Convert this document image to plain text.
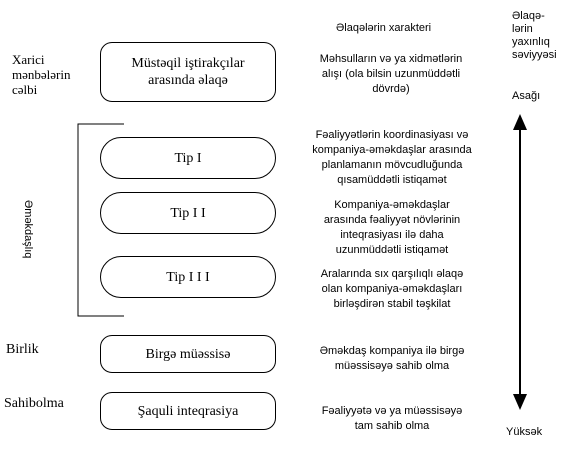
Xarici
mənbələrin
cəlbi
Əməkdaşlıq
Birlik
Sahibolma
Əlaqələrin xarakteri
Əlaqə-
lərin
yaxınlıq
səviyyəsi
Asağı
Yüksək
Müstəqil iştirakçılar
arasında əlaqə
Tip I
Tip I I
Tip I I I
Birgə müəssisə
Şaquli inteqrasiya
Məhsulların və ya xidmətlərin
alışı (ola bilsin uzunmüddətli
dövrdə)
Fəaliyyətlərin koordinasiyası və
kompaniya-əməkdaşlar arasında
planlamanın mövcudluğunda
qısamüddətli istiqamət
Kompaniya-əməkdaşlar
arasında fəaliyyət növlərinin
inteqrasiyası ilə daha
uzunmüddətli istiqamət
Aralarında sıx qarşılıqlı əlaqə
olan kompaniya-əməkdaşları
birləşdirən stabil təşkilat
Əməkdaş kompaniya ilə birgə
müəssisəyə sahib olma
Fəaliyyətə və ya müəssisəyə
tam sahib olma
